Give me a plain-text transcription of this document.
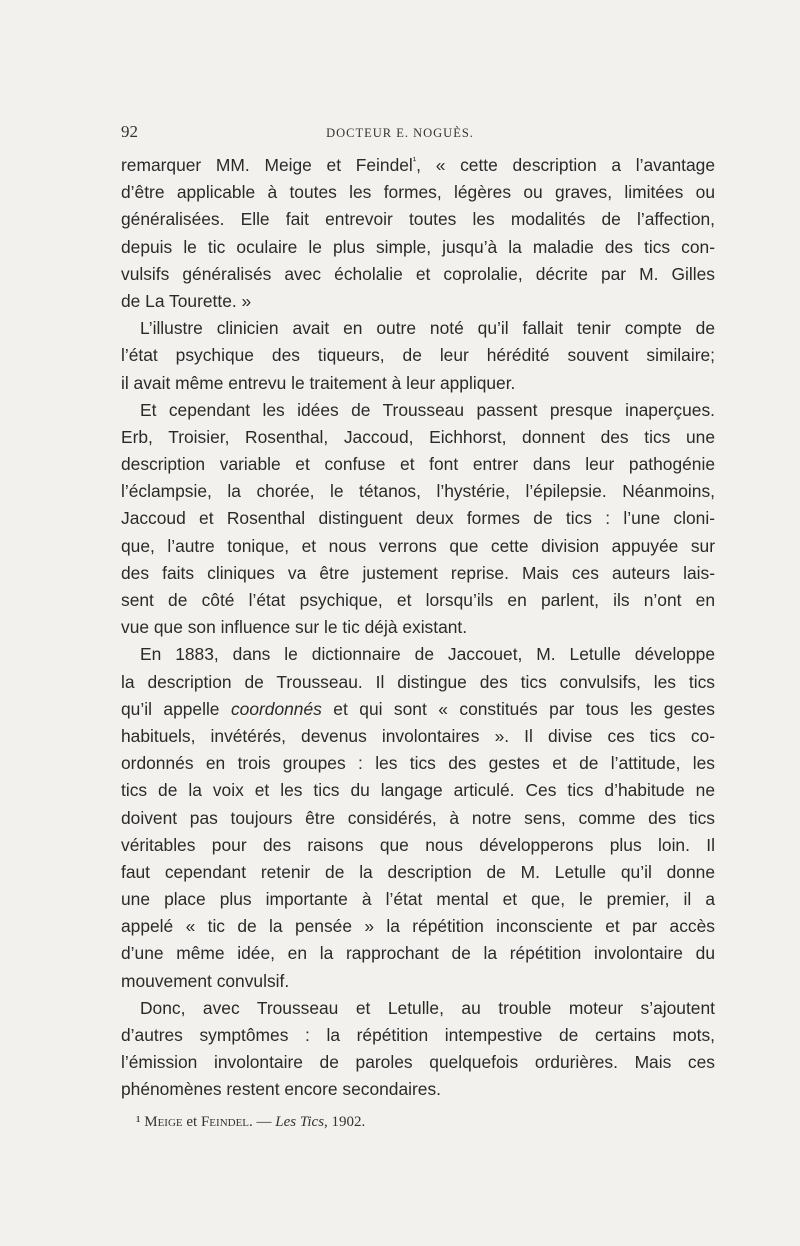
92	DOCTEUR E. NOGUÈS.
remarquer MM. Meige et Feindel$^{^1}$, « cette description a l’avantage
d’être applicable à toutes les formes, légères ou graves, limitées ou
généralisées. Elle fait entrevoir toutes les modalités de l’affection,
depuis le tic oculaire le plus simple, jusqu’à la maladie des tics con-
vulsifs généralisés avec écholalie et coprolalie, décrite par M. Gilles
de La Tourette. »
L’illustre clinicien avait en outre noté qu’il fallait tenir compte de
l’état psychique des tiqueurs, de leur hérédité souvent similaire;
il avait même entrevu le traitement à leur appliquer.
Et cependant les idées de Trousseau passent presque inaperçues.
Erb, Troisier, Rosenthal, Jaccoud, Eichhorst, donnent des tics une
description variable et confuse et font entrer dans leur pathogénie
l’éclampsie, la chorée, le tétanos, l’hystérie, l’épilepsie. Néanmoins,
Jaccoud et Rosenthal distinguent deux formes de tics : l’une cloni-
que, l’autre tonique, et nous verrons que cette division appuyée sur
des faits cliniques va être justement reprise. Mais ces auteurs lais-
sent de côté l’état psychique, et lorsqu’ils en parlent, ils n’ont en
vue que son influence sur le tic déjà existant.
En 1883, dans le dictionnaire de Jaccouet, M. Letulle développe
la description de Trousseau. Il distingue des tics convulsifs, les tics
qu’il appelle coordonnés et qui sont « constitués par tous les gestes
habituels, invétérés, devenus involontaires ». Il divise ces tics co-
ordonnés en trois groupes : les tics des gestes et de l’attitude, les
tics de la voix et les tics du langage articulé. Ces tics d’habitude ne
doivent pas toujours être considérés, à notre sens, comme des tics
véritables pour des raisons que nous développerons plus loin. Il
faut cependant retenir de la description de M. Letulle qu’il donne
une place plus importante à l’état mental et que, le premier, il a
appelé « tic de la pensée » la répétition inconsciente et par accès
d’une même idée, en la rapprochant de la répétition involontaire du
mouvement convulsif.
Donc, avec Trousseau et Letulle, au trouble moteur s’ajoutent
d’autres symptômes : la répétition intempestive de certains mots,
l’émission involontaire de paroles quelquefois ordurières. Mais ces
phénomènes restent encore secondaires.
¹ Meige et Feindel. — Les Tics, 1902.
